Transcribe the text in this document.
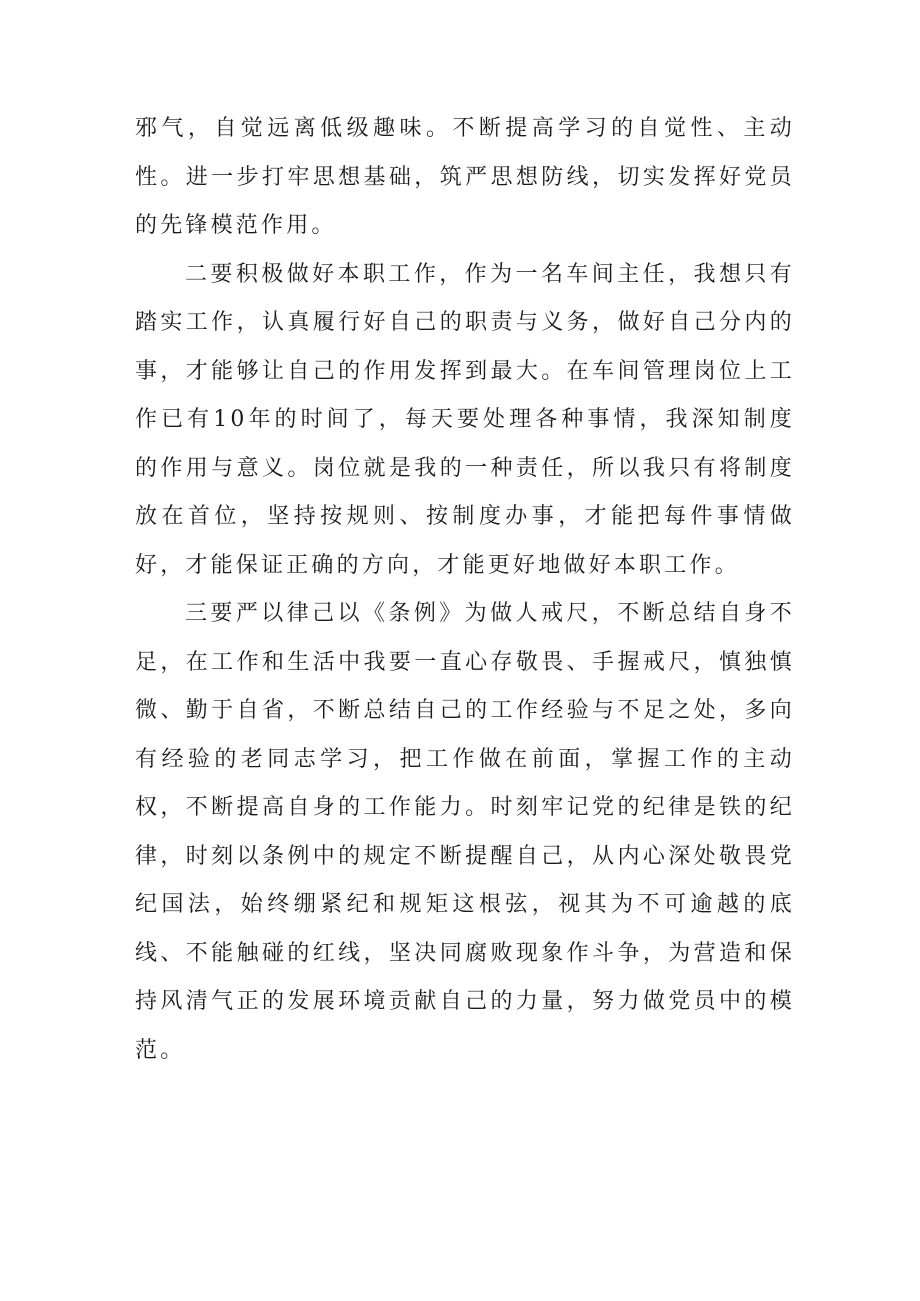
邪气，自觉远离低级趣味。不断提高学习的自觉性、主动性。进一步打牢思想基础，筑严思想防线，切实发挥好党员的先锋模范作用。

二要积极做好本职工作，作为一名车间主任，我想只有踏实工作，认真履行好自己的职责与义务，做好自己分内的事，才能够让自己的作用发挥到最大。在车间管理岗位上工作已有10年的时间了，每天要处理各种事情，我深知制度的作用与意义。岗位就是我的一种责任，所以我只有将制度放在首位，坚持按规则、按制度办事，才能把每件事情做好，才能保证正确的方向，才能更好地做好本职工作。

三要严以律己以《条例》为做人戒尺，不断总结自身不足，在工作和生活中我要一直心存敬畏、手握戒尺，慎独慎微、勤于自省，不断总结自己的工作经验与不足之处，多向有经验的老同志学习，把工作做在前面，掌握工作的主动权，不断提高自身的工作能力。时刻牢记党的纪律是铁的纪律，时刻以条例中的规定不断提醒自己，从内心深处敬畏党纪国法，始终绷紧纪和规矩这根弦，视其为不可逾越的底线、不能触碰的红线，坚决同腐败现象作斗争，为营造和保持风清气正的发展环境贡献自己的力量，努力做党员中的模范。
